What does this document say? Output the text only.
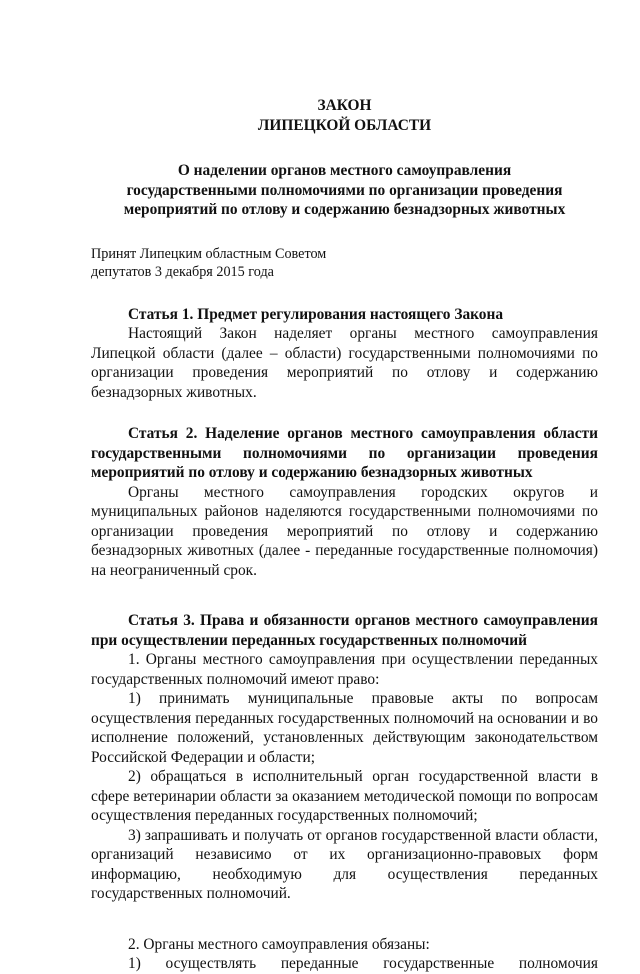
ЗАКОН

ЛИПЕЦКОЙ ОБЛАСТИ

О наделении органов местного самоуправления
государственными полномочиями по организации проведения
мероприятий по отлову и содержанию безнадзорных животных
Принят Липецким областным Советом
депутатов 3 декабря 2015 года

Статья 1. Предмет регулирования настоящего Закона

Настоящий Закон наделяет органы местного самоуправления Липецкой области (далее – области) государственными полномочиями по организации проведения мероприятий по отлову и содержанию безнадзорных животных.

Статья 2. Наделение органов местного самоуправления области государственными полномочиями по организации проведения мероприятий по отлову и содержанию безнадзорных животных

Органы местного самоуправления городских округов и муниципальных районов наделяются государственными полномочиями по организации проведения мероприятий по отлову и содержанию безнадзорных животных (далее - переданные государственные полномочия) на неограниченный срок.

Статья 3. Права и обязанности органов местного самоуправления при осуществлении переданных государственных полномочий

1. Органы местного самоуправления при осуществлении переданных государственных полномочий имеют право:

1) принимать муниципальные правовые акты по вопросам осуществления переданных государственных полномочий на основании и во исполнение положений, установленных действующим законодательством Российской Федерации и области;

2) обращаться в исполнительный орган государственной власти в сфере ветеринарии области за оказанием методической помощи по вопросам осуществления переданных государственных полномочий;

3) запрашивать и получать от органов государственной власти области, организаций независимо от их организационно-правовых форм информацию, необходимую для осуществления переданных государственных полномочий.

2. Органы местного самоуправления обязаны:

1) осуществлять переданные государственные полномочия
